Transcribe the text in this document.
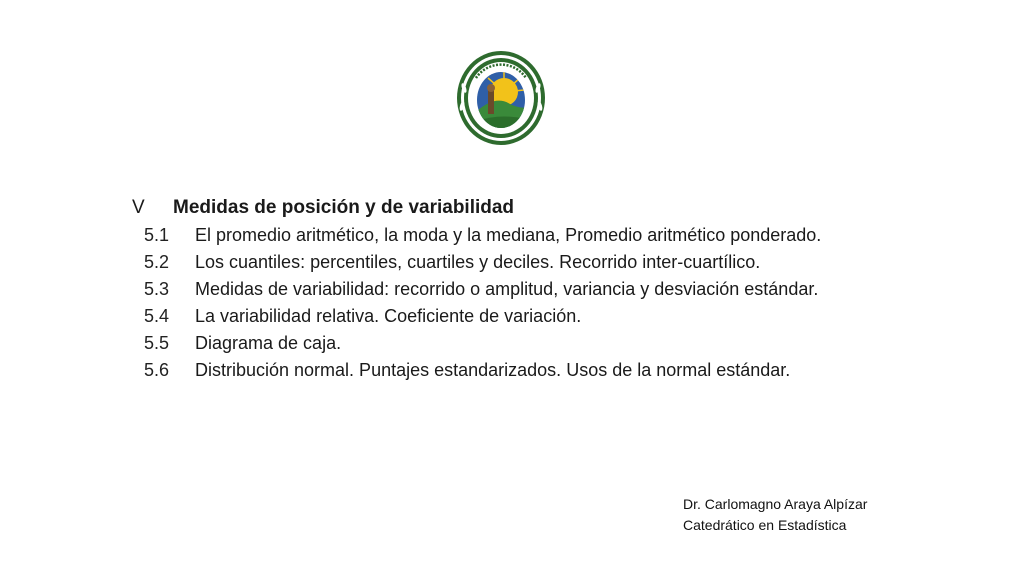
V	Medidas de posición y de variabilidad
5.1	El promedio aritmético, la moda y la mediana, Promedio aritmético ponderado.
5.2	Los cuantiles: percentiles, cuartiles y deciles. Recorrido inter-cuartílico.
5.3	Medidas de variabilidad: recorrido o amplitud, variancia y desviación estándar.
5.4	La variabilidad relativa. Coeficiente de variación.
5.5	Diagrama de caja.
5.6	Distribución normal. Puntajes estandarizados. Usos de la normal estándar.
Dr. Carlomagno Araya Alpízar
Catedrático en Estadística
